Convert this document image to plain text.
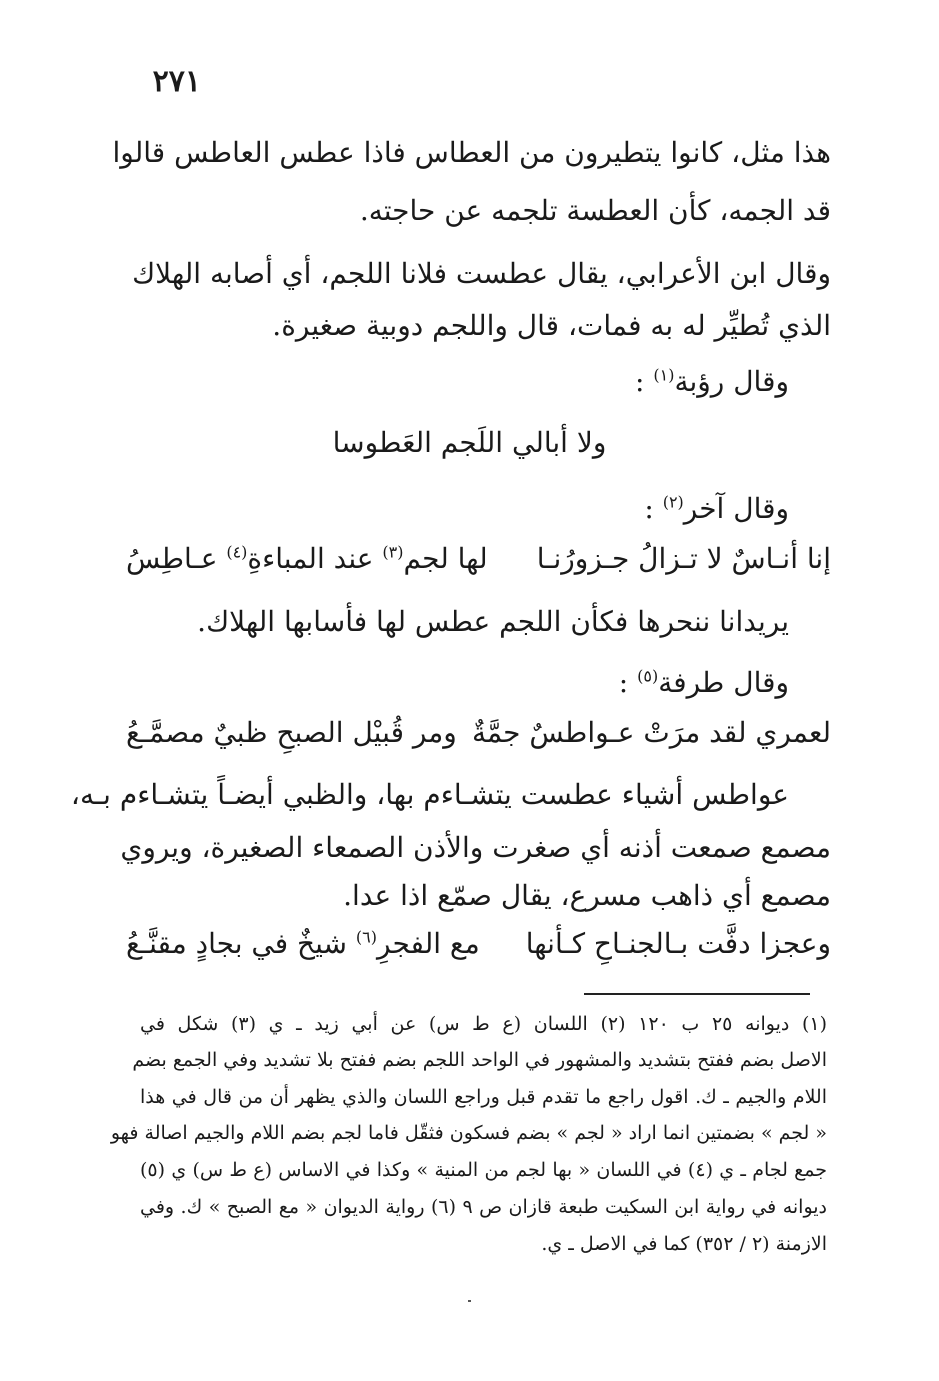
٢٧١
هذا مثل، كانوا يتطيرون من العطاس فاذا عطس العاطس قالوا
قد الجمه، كأن العطسة تلجمه عن حاجته.
وقال ابن الأعرابي، يقال عطست فلانا اللجم، أي أصابه الهلاك
الذي تُطيِّر له به فمات، قال واللجم دوبية صغيرة.
وقال رؤبة$^{(١)}$ :
ولا أبالي اللَجم العَطوسا
وقال آخر$^{(٢)}$ :
إنا أنـاسٌ لا تـزالُ جـزورُنـا
لها لجم$^{(٣)}$ عند المباءةِ$^{(٤)}$ عـاطِسُ
يريدانا ننحرها فكأن اللجم عطس لها فأسابها الهلاك.
وقال طرفة$^{(٥)}$ :
لعمري لقد مرَتْ عـواطسٌ جمَّةٌ
ومر قُبيْل الصبحِ ظبيٌ مصمَّـعُ
عواطس أشياء عطست يتشـاءم بها، والظبي أيضـاً يتشـاءم بـه،
مصمع صمعت أذنه أي صغرت والأذن الصمعاء الصغيرة، ويروي
مصمع أي ذاهب مسرع، يقال صمّع اذا عدا.
وعجزا دفَّت بـالجنـاحِ كـأنها
مع الفجرِ$^{(٦)}$ شيخٌ في بجادٍ مقنَّـعُ
(١) ديوانه ٢٥ ب ١٢٠ (٢) اللسان (ع ط س) عن أبي زيد ـ ي (٣) شكل في
الاصل بضم ففتح بتشديد والمشهور في الواحد اللجم بضم ففتح بلا تشديد وفي الجمع بضم
اللام والجيم ـ ك. اقول راجع ما تقدم قبل وراجع اللسان والذي يظهر أن من قال في هذا
« لجم » بضمتين انما اراد « لجم » بضم فسكون فثقّل فاما لجم بضم اللام والجيم اصالة فهو
جمع لجام ـ ي (٤) في اللسان « بها لجم من المنية » وكذا في الاساس (ع ط س) ي (٥)
ديوانه في رواية ابن السكيت طبعة قازان ص ٩ (٦) رواية الديوان « مع الصبح » ك. وفي
الازمنة (٢ / ٣٥٢) كما في الاصل ـ ي.
